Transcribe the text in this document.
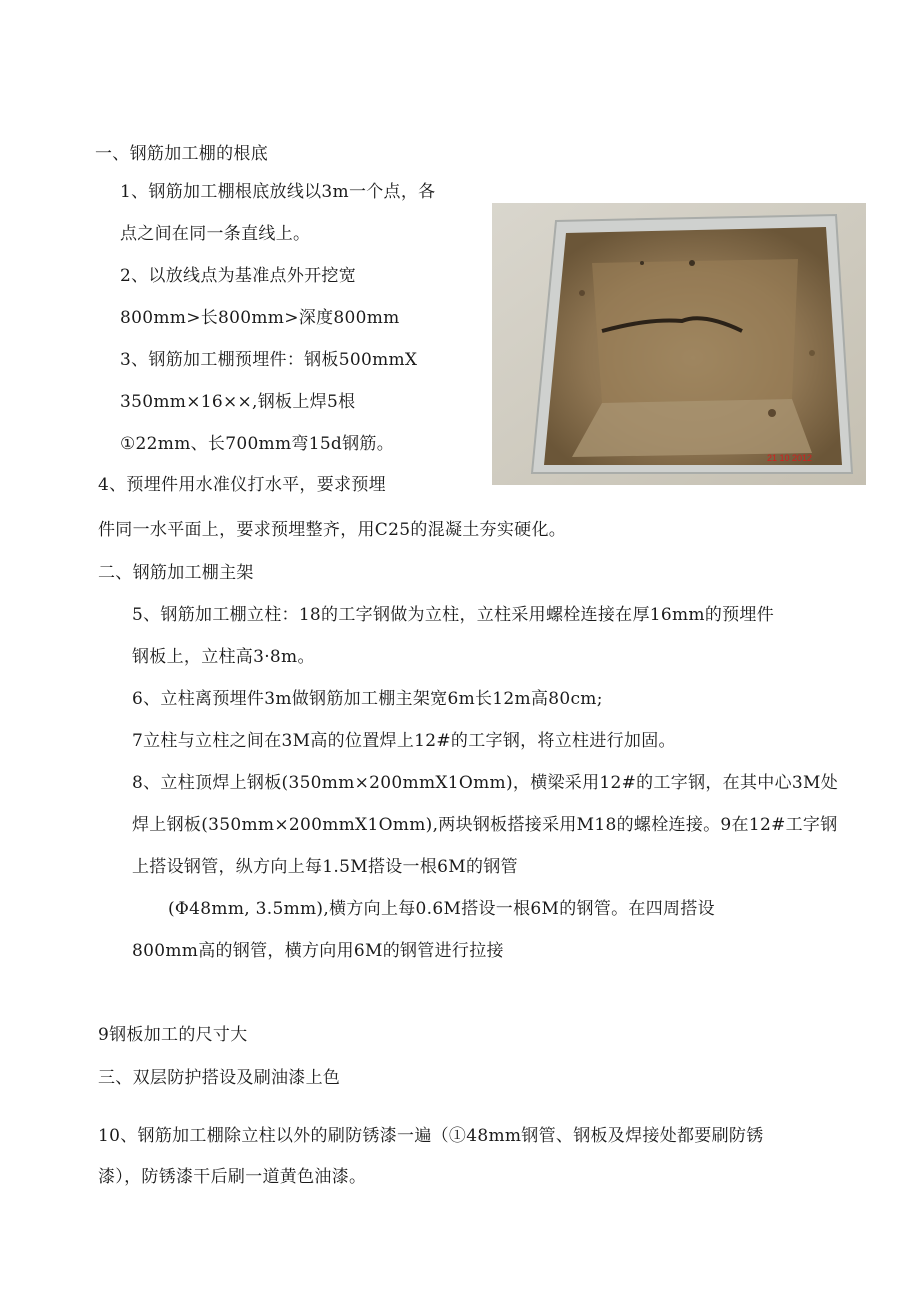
一、钢筋加工棚的根底
1、钢筋加工棚根底放线以3m一个点，各
点之间在同一条直线上。
2、以放线点为基准点外开挖宽
800mm>长800mm>深度800mm
3、钢筋加工棚预埋件：钢板500mmX
350mm×16××,钢板上焊5根
①22mm、长700mm弯15d钢筋。
4、预埋件用水准仪打水平，要求预埋
件同一水平面上，要求预埋整齐，用C25的混凝土夯实硬化。
二、钢筋加工棚主架
5、钢筋加工棚立柱：18的工字钢做为立柱，立柱采用螺栓连接在厚16mm的预埋件
钢板上，立柱高3·8m。
6、立柱离预埋件3m做钢筋加工棚主架宽6m长12m高80cm;
7立柱与立柱之间在3M高的位置焊上12#的工字钢，将立柱进行加固。
8、立柱顶焊上钢板(350mm×200mmX1Omm)，横梁采用12#的工字钢，在其中心3M处
焊上钢板(350mm×200mmX1Omm),两块钢板搭接采用M18的螺栓连接。9在12#工字钢
上搭设钢管，纵方向上每1.5M搭设一根6M的钢管
(Φ48mm, 3.5mm),横方向上每0.6M搭设一根6M的钢管。在四周搭设
800mm高的钢管，横方向用6M的钢管进行拉接
9钢板加工的尺寸大
三、双层防护搭设及刷油漆上色
10、钢筋加工棚除立柱以外的刷防锈漆一遍（①48mm钢管、钢板及焊接处都要刷防锈
漆），防锈漆干后刷一道黄色油漆。
21 10 2012
